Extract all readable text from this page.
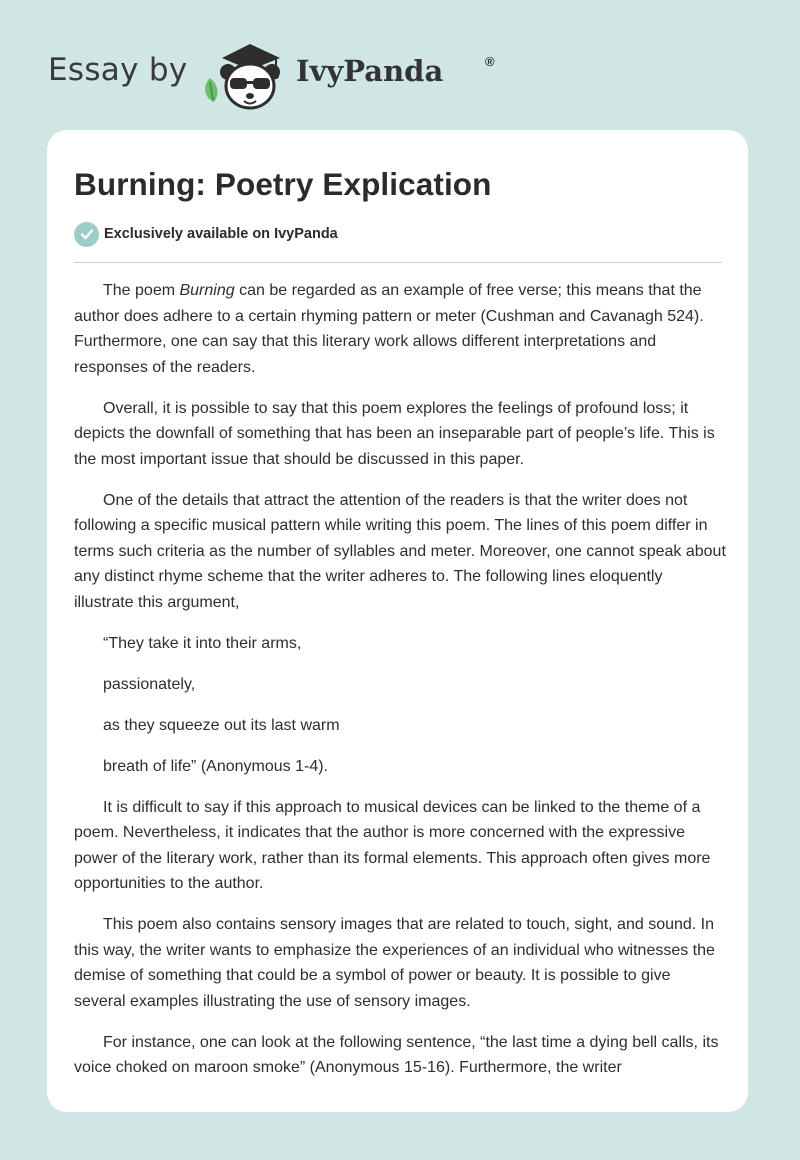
Essay by	IvyPanda	®
Burning: Poetry Explication
Exclusively available on IvyPanda

The poem Burning can be regarded as an example of free verse; this means that the author does adhere to a certain rhyming pattern or meter (Cushman and Cavanagh 524). Furthermore, one can say that this literary work allows different interpretations and responses of the readers.

Overall, it is possible to say that this poem explores the feelings of profound loss; it depicts the downfall of something that has been an inseparable part of people’s life. This is the most important issue that should be discussed in this paper.

One of the details that attract the attention of the readers is that the writer does not following a specific musical pattern while writing this poem. The lines of this poem differ in terms such criteria as the number of syllables and meter. Moreover, one cannot speak about any distinct rhyme scheme that the writer adheres to. The following lines eloquently illustrate this argument,

“They take it into their arms,

passionately,

as they squeeze out its last warm

breath of life” (Anonymous 1-4).

It is difficult to say if this approach to musical devices can be linked to the theme of a poem. Nevertheless, it indicates that the author is more concerned with the expressive power of the literary work, rather than its formal elements. This approach often gives more opportunities to the author.

This poem also contains sensory images that are related to touch, sight, and sound. In this way, the writer wants to emphasize the experiences of an individual who witnesses the demise of something that could be a symbol of power or beauty. It is possible to give several examples illustrating the use of sensory images.

For instance, one can look at the following sentence, “the last time a dying bell calls, its voice choked on maroon smoke” (Anonymous 15-16). Furthermore, the writer
